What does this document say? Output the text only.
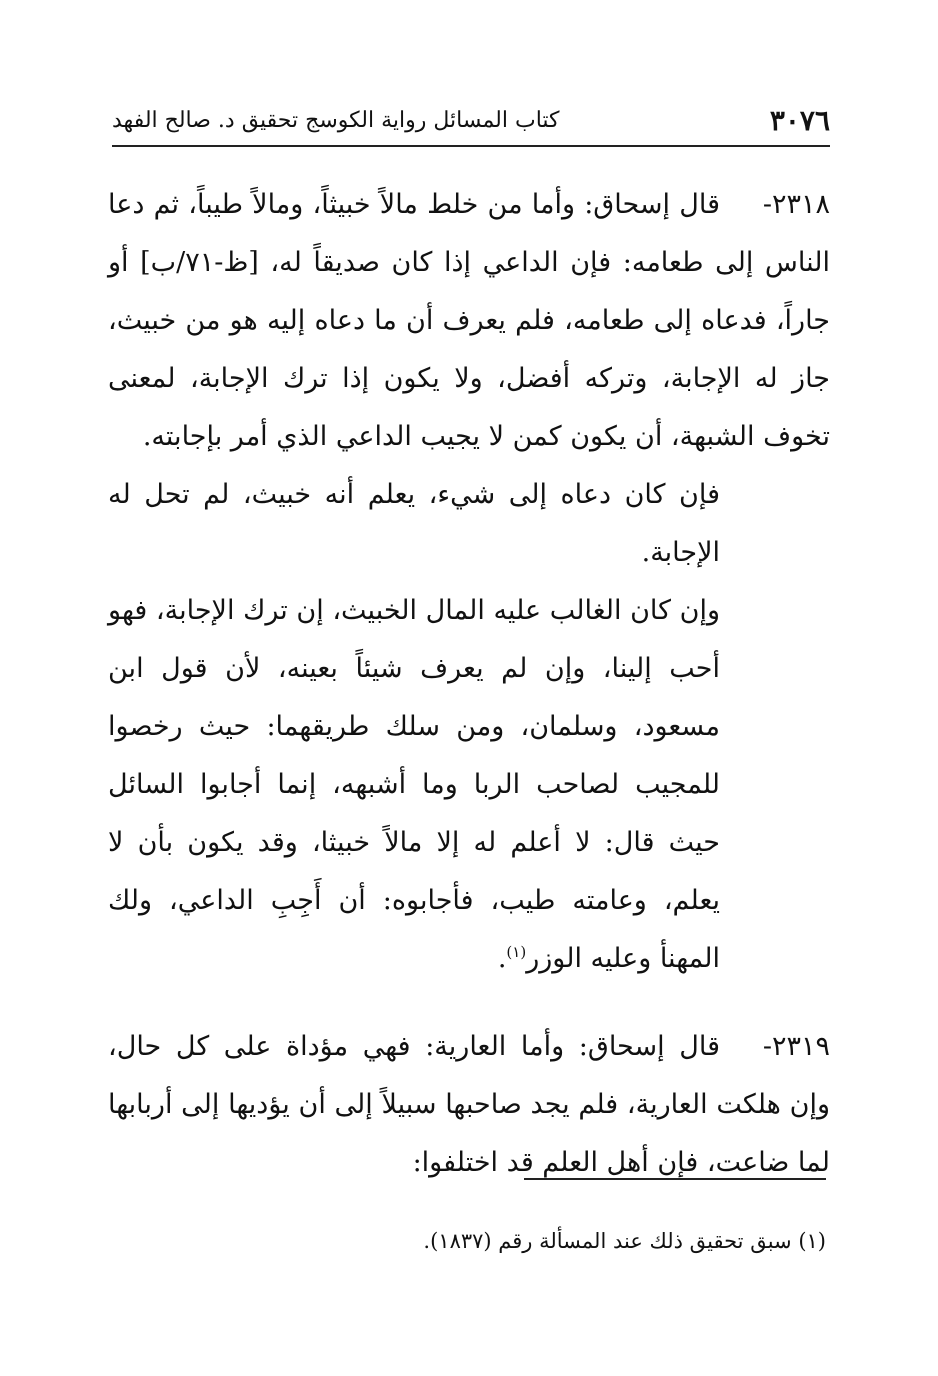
٣٠٧٦
كتاب المسائل رواية الكوسج تحقيق د. صالح الفهد

٢٣١٨-قال إسحاق: وأما من خلط مالاً خبيثاً، ومالاً طيباً، ثم دعا الناس إلى طعامه: فإن الداعي إذا كان صديقاً له، [ظ-٧١/ب] أو جاراً، فدعاه إلى طعامه، فلم يعرف أن ما دعاه إليه هو من خبيث، جاز له الإجابة، وتركه أفضل، ولا يكون إذا ترك الإجابة، لمعنى تخوف الشبهة، أن يكون كمن لا يجيب الداعي الذي أمر بإجابته.

فإن كان دعاه إلى شيء، يعلم أنه خبيث، لم تحل له الإجابة.

وإن كان الغالب عليه المال الخبيث، إن ترك الإجابة، فهو أحب إلينا، وإن لم يعرف شيئاً بعينه، لأن قول ابن مسعود، وسلمان، ومن سلك طريقهما: حيث رخصوا للمجيب لصاحب الربا وما أشبهه، إنما أجابوا السائل حيث قال: لا أعلم له إلا مالاً خبيثا، وقد يكون بأن لا يعلم، وعامته طيب، فأجابوه: أن أَجِبِ الداعي، ولك المهنأ وعليه الوزر$^{(١)}$.

٢٣١٩-قال إسحاق: وأما العارية: فهي مؤداة على كل حال، وإن هلكت العارية، فلم يجد صاحبها سبيلاً إلى أن يؤديها إلى أربابها لما ضاعت، فإن أهل العلم قد اختلفوا:

(١) سبق تحقيق ذلك عند المسألة رقم (١٨٣٧).
